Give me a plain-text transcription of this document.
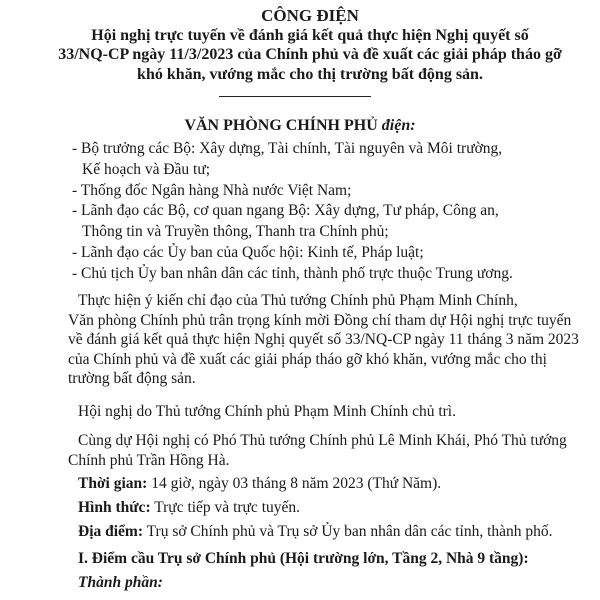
CÔNG ĐIỆN
Hội nghị trực tuyến về đánh giá kết quả thực hiện Nghị quyết số
33/NQ-CP ngày 11/3/2023 của Chính phủ và đề xuất các giải pháp tháo gỡ
khó khăn, vướng mắc cho thị trường bất động sản.
VĂN PHÒNG CHÍNH PHỦ điện:
- Bộ trưởng các Bộ: Xây dựng, Tài chính, Tài nguyên và Môi trường,
Kế hoạch và Đầu tư;
- Thống đốc Ngân hàng Nhà nước Việt Nam;
- Lãnh đạo các Bộ, cơ quan ngang Bộ: Xây dựng, Tư pháp, Công an,
Thông tin và Truyền thông, Thanh tra Chính phủ;
- Lãnh đạo các Ủy ban của Quốc hội: Kinh tế, Pháp luật;
- Chủ tịch Ủy ban nhân dân các tỉnh, thành phố trực thuộc Trung ương.
Thực hiện ý kiến chỉ đạo của Thủ tướng Chính phủ Phạm Minh Chính,
Văn phòng Chính phủ trân trọng kính mời Đồng chí tham dự Hội nghị trực tuyến
về đánh giá kết quả thực hiện Nghị quyết số 33/NQ-CP ngày 11 tháng 3 năm 2023
của Chính phủ và đề xuất các giải pháp tháo gỡ khó khăn, vướng mắc cho thị
trường bất động sản.
Hội nghị do Thủ tướng Chính phủ Phạm Minh Chính chủ trì.
Cùng dự Hội nghị có Phó Thủ tướng Chính phủ Lê Minh Khái, Phó Thủ tướng
Chính phủ Trần Hồng Hà.
Thời gian: 14 giờ, ngày 03 tháng 8 năm 2023 (Thứ Năm).
Hình thức: Trực tiếp và trực tuyến.
Địa điểm: Trụ sở Chính phủ và Trụ sở Ủy ban nhân dân các tỉnh, thành phố.
I. Điểm cầu Trụ sở Chính phủ (Hội trường lớn, Tầng 2, Nhà 9 tầng):
Thành phần:
